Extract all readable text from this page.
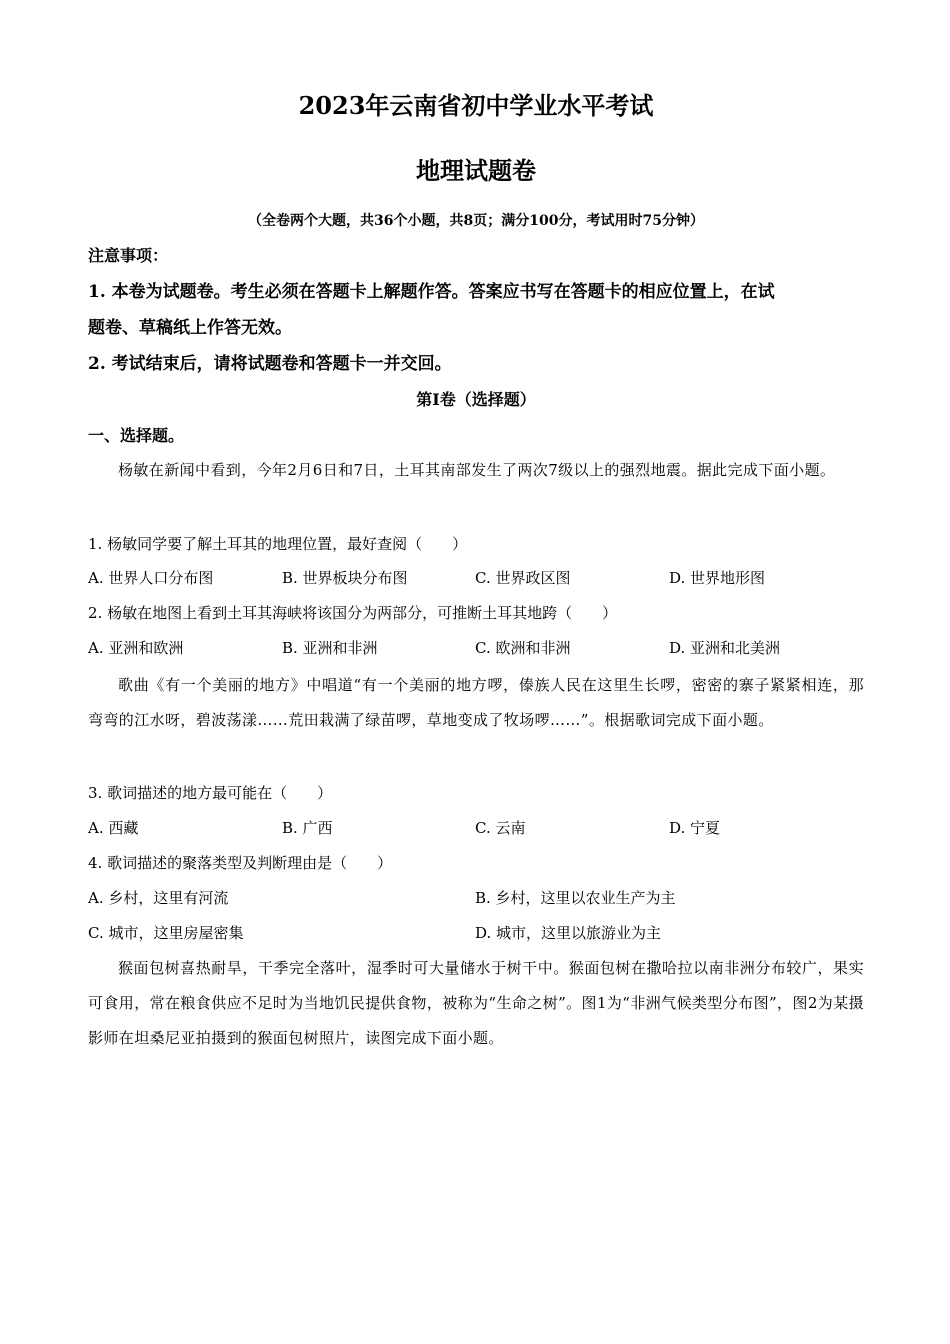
2023年云南省初中学业水平考试
地理试题卷
（全卷两个大题，共36个小题，共8页；满分100分，考试用时75分钟）
注意事项：
1. 本卷为试题卷。考生必须在答题卡上解题作答。答案应书写在答题卡的相应位置上，在试
题卷、草稿纸上作答无效。
2. 考试结束后，请将试题卷和答题卡一并交回。
第Ⅰ卷（选择题）
一、选择题。
杨敏在新闻中看到，今年2月6日和7日，土耳其南部发生了两次7级以上的强烈地震。据此完成下面小题。
1. 杨敏同学要了解土耳其的地理位置，最好查阅（　　）
A. 世界人口分布图	B. 世界板块分布图	C. 世界政区图	D. 世界地形图
2. 杨敏在地图上看到土耳其海峡将该国分为两部分，可推断土耳其地跨（　　）
A. 亚洲和欧洲	B. 亚洲和非洲	C. 欧洲和非洲	D. 亚洲和北美洲
歌曲《有一个美丽的地方》中唱道“有一个美丽的地方啰，傣族人民在这里生长啰，密密的寨子紧紧相连，那弯弯的江水呀，碧波荡漾……荒田栽满了绿苗啰，草地变成了牧场啰……”。根据歌词完成下面小题。
3. 歌词描述的地方最可能在（　　）
A. 西藏	B. 广西	C. 云南	D. 宁夏
4. 歌词描述的聚落类型及判断理由是（　　）
A. 乡村，这里有河流	B. 乡村，这里以农业生产为主
C. 城市，这里房屋密集	D. 城市，这里以旅游业为主
猴面包树喜热耐旱，干季完全落叶，湿季时可大量储水于树干中。猴面包树在撒哈拉以南非洲分布较广，果实可食用，常在粮食供应不足时为当地饥民提供食物，被称为“生命之树”。图1为“非洲气候类型分布图”，图2为某摄影师在坦桑尼亚拍摄到的猴面包树照片，读图完成下面小题。
